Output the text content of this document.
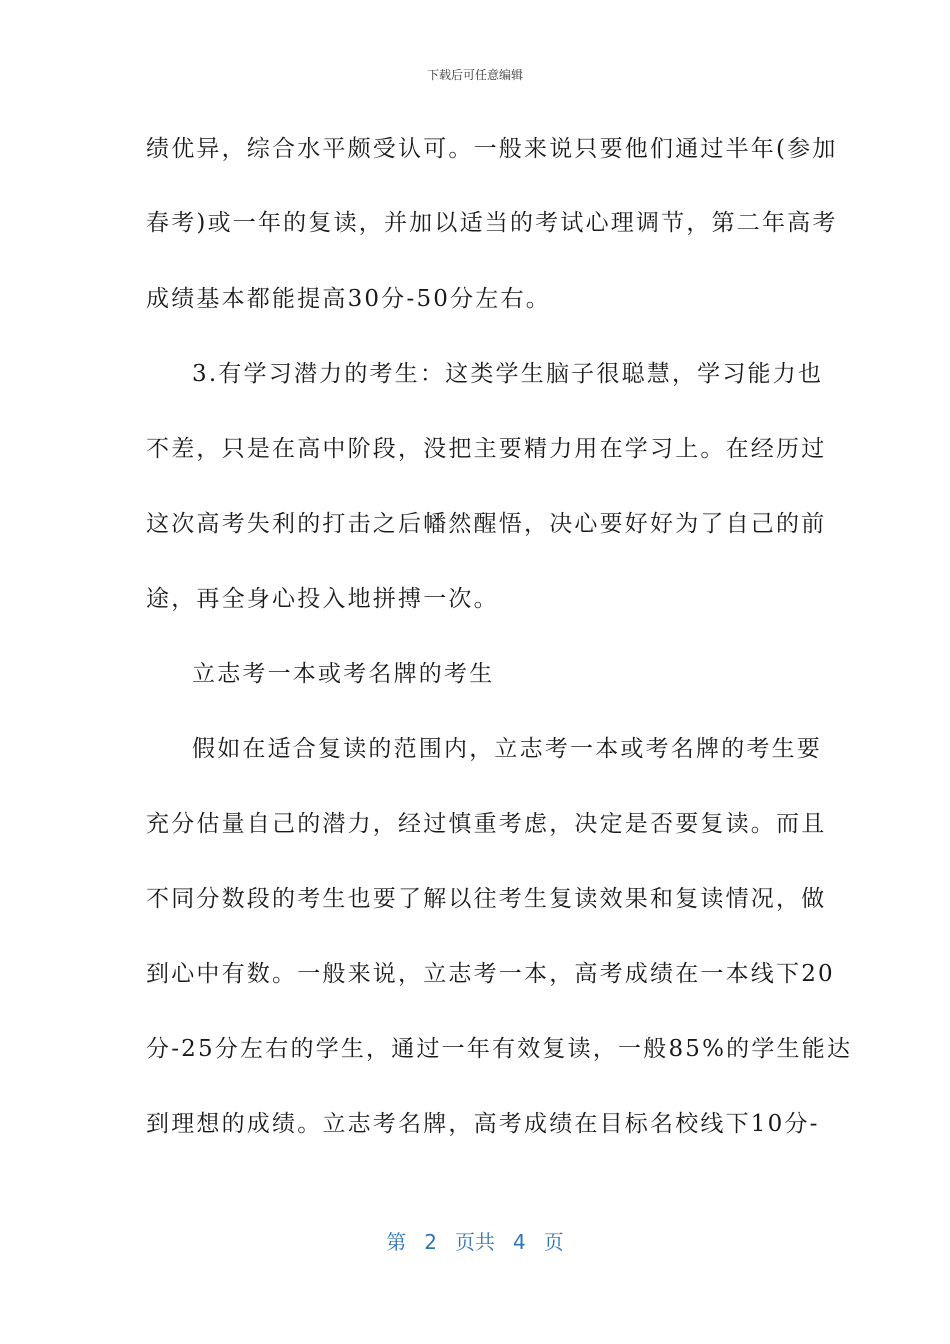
下载后可任意编辑
绩优异，综合水平颇受认可。一般来说只要他们通过半年(参加
春考)或一年的复读，并加以适当的考试心理调节，第二年高考
成绩基本都能提高30分-50分左右。
3.有学习潜力的考生：这类学生脑子很聪慧，学习能力也
不差，只是在高中阶段，没把主要精力用在学习上。在经历过
这次高考失利的打击之后幡然醒悟，决心要好好为了自己的前
途，再全身心投入地拼搏一次。
立志考一本或考名牌的考生
假如在适合复读的范围内，立志考一本或考名牌的考生要
充分估量自己的潜力，经过慎重考虑，决定是否要复读。而且
不同分数段的考生也要了解以往考生复读效果和复读情况，做
到心中有数。一般来说，立志考一本，高考成绩在一本线下20
分-25分左右的学生，通过一年有效复读，一般85%的学生能达
到理想的成绩。立志考名牌，高考成绩在目标名校线下10分-
第 2 页共 4 页
